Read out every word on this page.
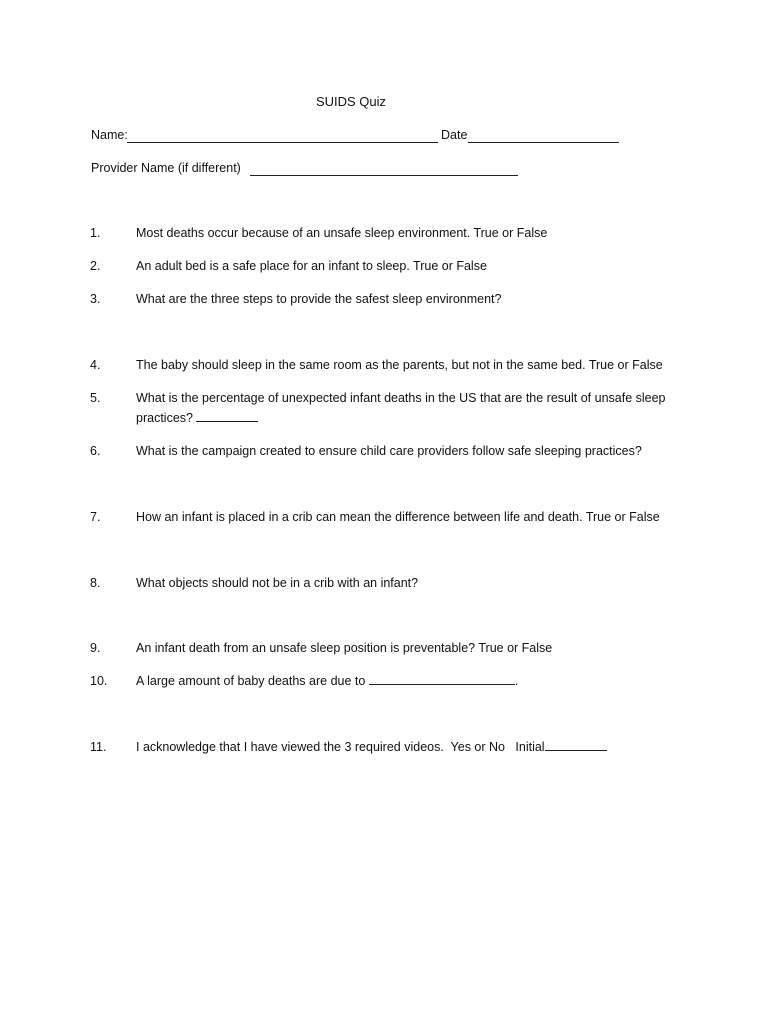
SUIDS Quiz
Name:	Date
Provider Name (if different)
1.	Most deaths occur because of an unsafe sleep environment. True or False
2.	An adult bed is a safe place for an infant to sleep. True or False
3.	What are the three steps to provide the safest sleep environment?
4.	The baby should sleep in the same room as the parents, but not in the same bed. True or False
5.	What is the percentage of unexpected infant deaths in the US that are the result of unsafe sleep
practices?
6.	What is the campaign created to ensure child care providers follow safe sleeping practices?
7.	How an infant is placed in a crib can mean the difference between life and death. True or False
8.	What objects should not be in a crib with an infant?
9.	An infant death from an unsafe sleep position is preventable? True or False
10.	A large amount of baby deaths are due to	.
11.	I acknowledge that I have viewed the 3 required videos.  Yes or No   Initial
